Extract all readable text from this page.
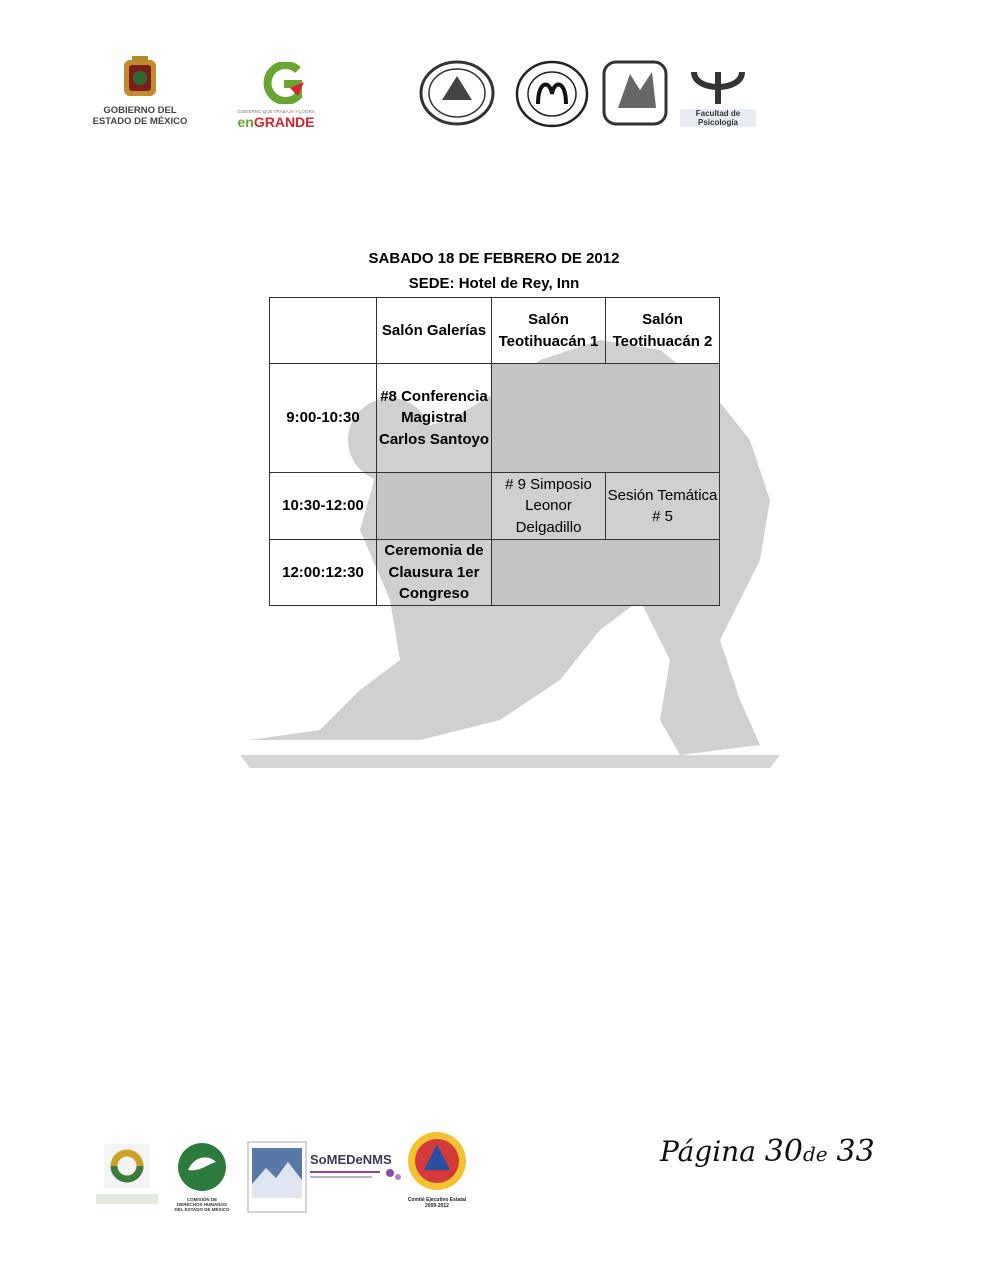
GOBIERNO DEL
ESTADO DE MÉXICO
GOBIERNO QUE TRABAJA Y LOGRA
enGRANDE
Facultad de Psicología
SABADO 18 DE FEBRERO DE 2012
SEDE: Hotel de Rey, Inn
	Salón Galerías	Salón Teotihuacán 1	Salón Teotihuacán 2
9:00-10:30	#8 Conferencia Magistral Carlos Santoyo		
10:30-12:00		# 9 Simposio Leonor Delgadillo	Sesión Temática # 5
12:00:12:30	Ceremonia de Clausura 1er Congreso		
COMISIÓN DE DERECHOS HUMANOS DEL ESTADO DE MÉXICO
SoMEDeNMS
Comité Ejecutivo Estatal 2009-2012
Página 30de 33
